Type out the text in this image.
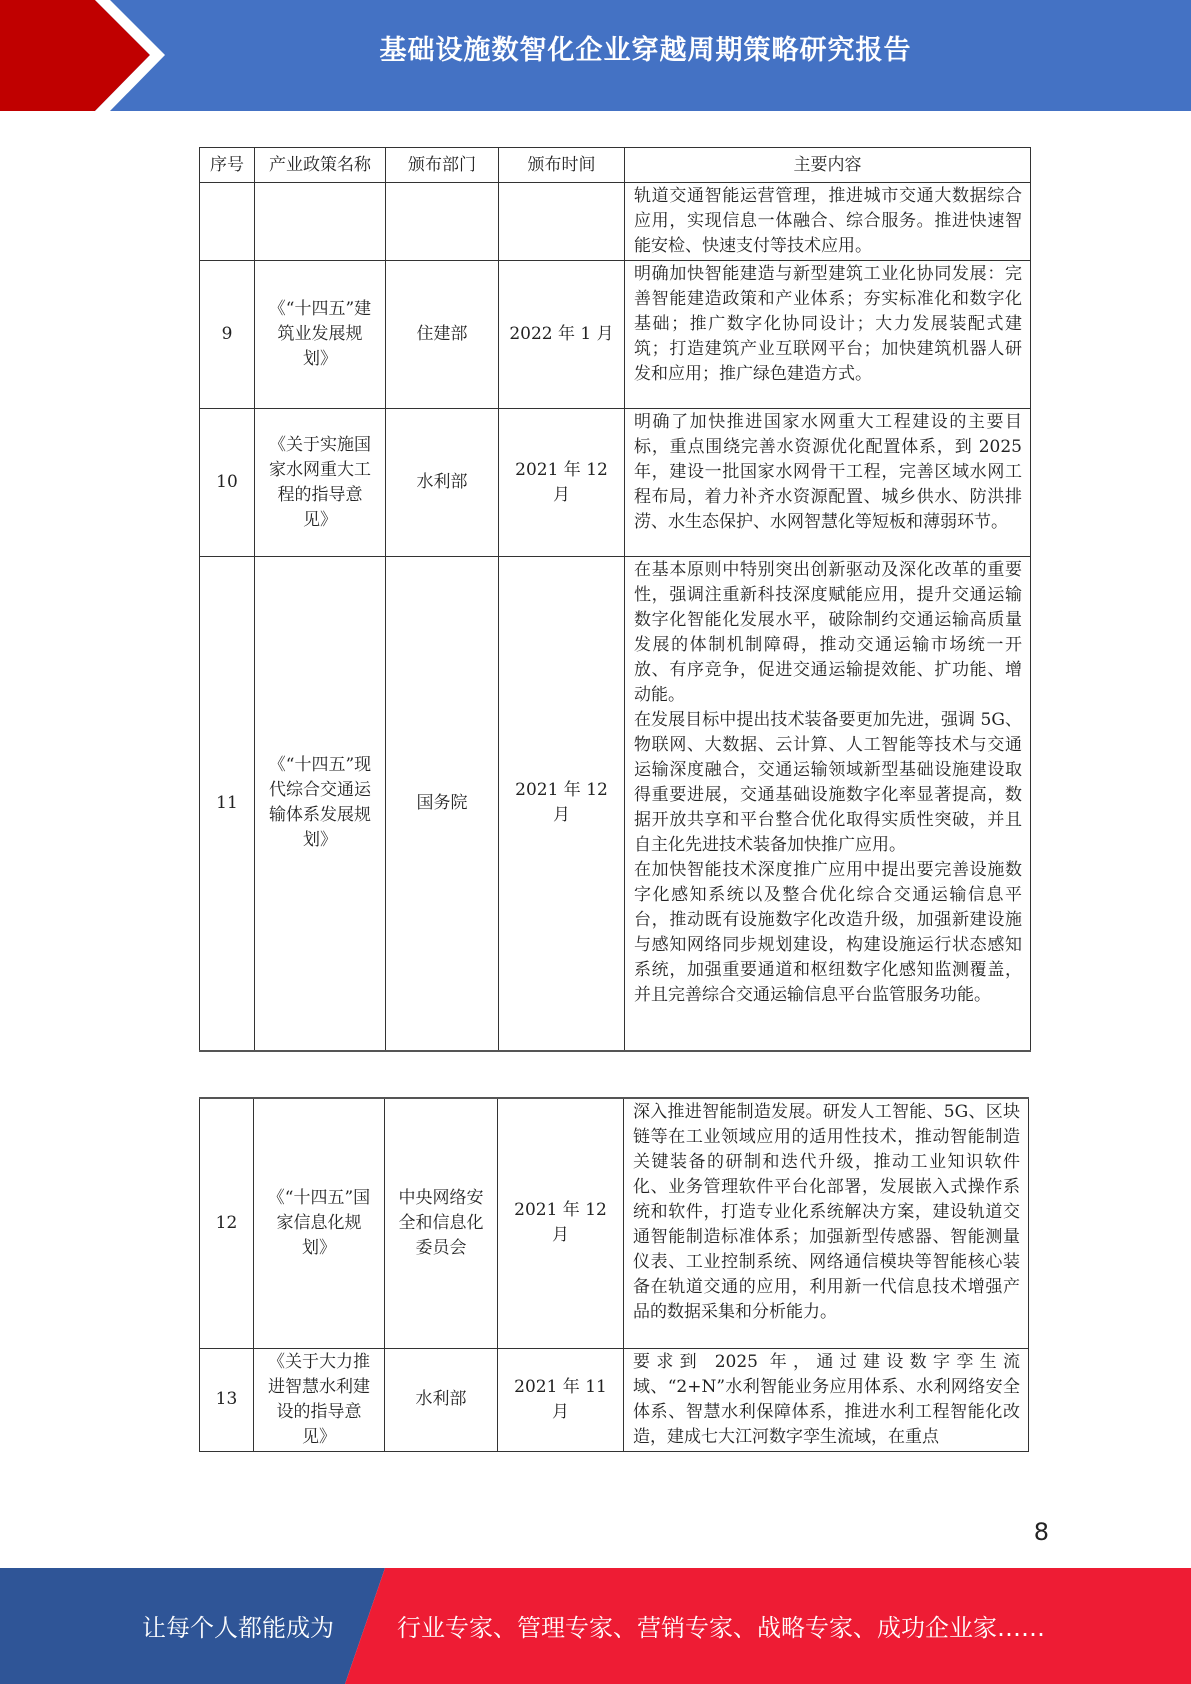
基础设施数智化企业穿越周期策略研究报告
序号	产业政策名称	颁布部门	颁布时间	主要内容

				轨道交通智能运营管理，推进城市交通大数据综合应用，实现信息一体融合、综合服务。推进快速智能安检、快速支付等技术应用。

9	《“十四五”建筑业发展规划》	住建部	2022 年 1 月	明确加快智能建造与新型建筑工业化协同发展：完善智能建造政策和产业体系；夯实标准化和数字化基础；推广数字化协同设计；大力发展装配式建筑；打造建筑产业互联网平台；加快建筑机器人研发和应用；推广绿色建造方式。

10	《关于实施国家水网重大工程的指导意见》	水利部	2021 年 12 月	明确了加快推进国家水网重大工程建设的主要目标，重点围绕完善水资源优化配置体系，到 2025 年，建设一批国家水网骨干工程，完善区域水网工程布局，着力补齐水资源配置、城乡供水、防洪排涝、水生态保护、水网智慧化等短板和薄弱环节。

11	《“十四五”现代综合交通运输体系发展规划》	国务院	2021 年 12 月	在基本原则中特别突出创新驱动及深化改革的重要性，强调注重新科技深度赋能应用，提升交通运输数字化智能化发展水平，破除制约交通运输高质量发展的体制机制障碍，推动交通运输市场统一开放、有序竞争，促进交通运输提效能、扩功能、增动能。
在发展目标中提出技术装备要更加先进，强调 5G、物联网、大数据、云计算、人工智能等技术与交通运输深度融合，交通运输领域新型基础设施建设取得重要进展，交通基础设施数字化率显著提高，数据开放共享和平台整合优化取得实质性突破，并且自主化先进技术装备加快推广应用。
在加快智能技术深度推广应用中提出要完善设施数字化感知系统以及整合优化综合交通运输信息平台，推动既有设施数字化改造升级，加强新建设施与感知网络同步规划建设，构建设施运行状态感知系统，加强重要通道和枢纽数字化感知监测覆盖，并且完善综合交通运输信息平台监管服务功能。
12	《“十四五”国家信息化规划》	中央网络安全和信息化委员会	2021 年 12 月	深入推进智能制造发展。研发人工智能、5G、区块链等在工业领域应用的适用性技术，推动智能制造关键装备的研制和迭代升级，推动工业知识软件化、业务管理软件平台化部署，发展嵌入式操作系统和软件，打造专业化系统解决方案，建设轨道交通智能制造标准体系；加强新型传感器、智能测量仪表、工业控制系统、网络通信模块等智能核心装备在轨道交通的应用，利用新一代信息技术增强产品的数据采集和分析能力。

13	《关于大力推进智慧水利建设的指导意见》	水利部	2021 年 11 月	要求到 2025 年，通过建设数字孪生流域、“2+N”水利智能业务应用体系、水利网络安全体系、智慧水利保障体系，推进水利工程智能化改造，建成七大江河数字孪生流域，在重点
8
让每个人都能成为	行业专家、管理专家、营销专家、战略专家、成功企业家……
